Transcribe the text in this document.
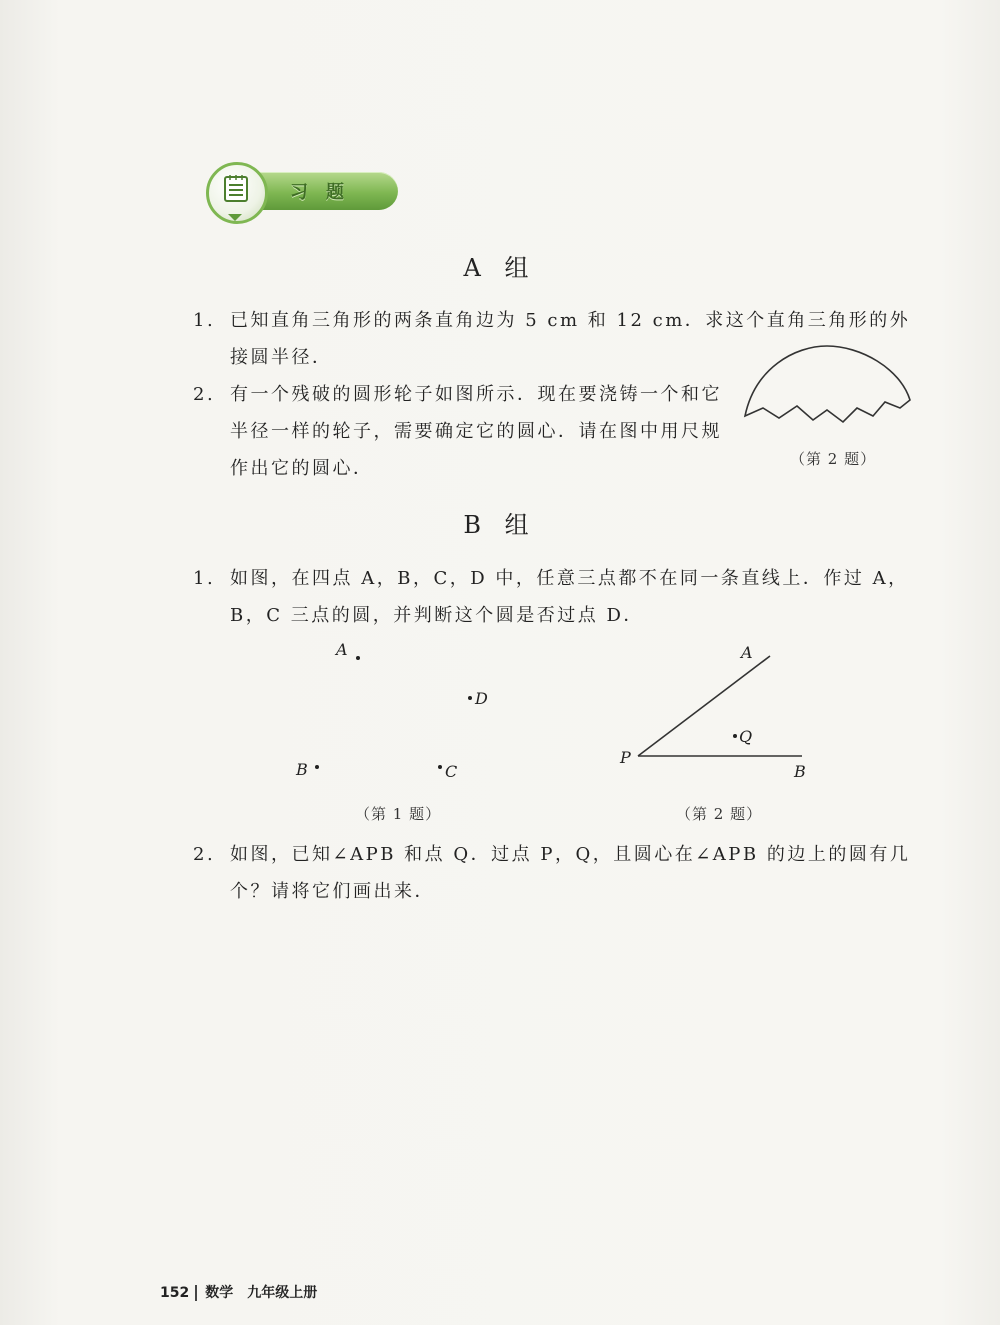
习题
A 组
1. 已知直角三角形的两条直角边为 5 cm 和 12 cm．求这个直角三角形的外接圆半径．
2. 有一个残破的圆形轮子如图所示．现在要浇铸一个和它半径一样的轮子，需要确定它的圆心．请在图中用尺规作出它的圆心．	（第 2 题）
B 组
1. 如图，在四点 A，B，C，D 中，任意三点都不在同一条直线上．作过 A，B，C 三点的圆，并判断这个圆是否过点 D．
A
D
B	C
（第 1 题）
A
P
Q
B
（第 2 题）
2. 如图，已知∠APB 和点 Q．过点 P，Q，且圆心在∠APB 的边上的圆有几个？请将它们画出来．
152 数学 九年级上册
